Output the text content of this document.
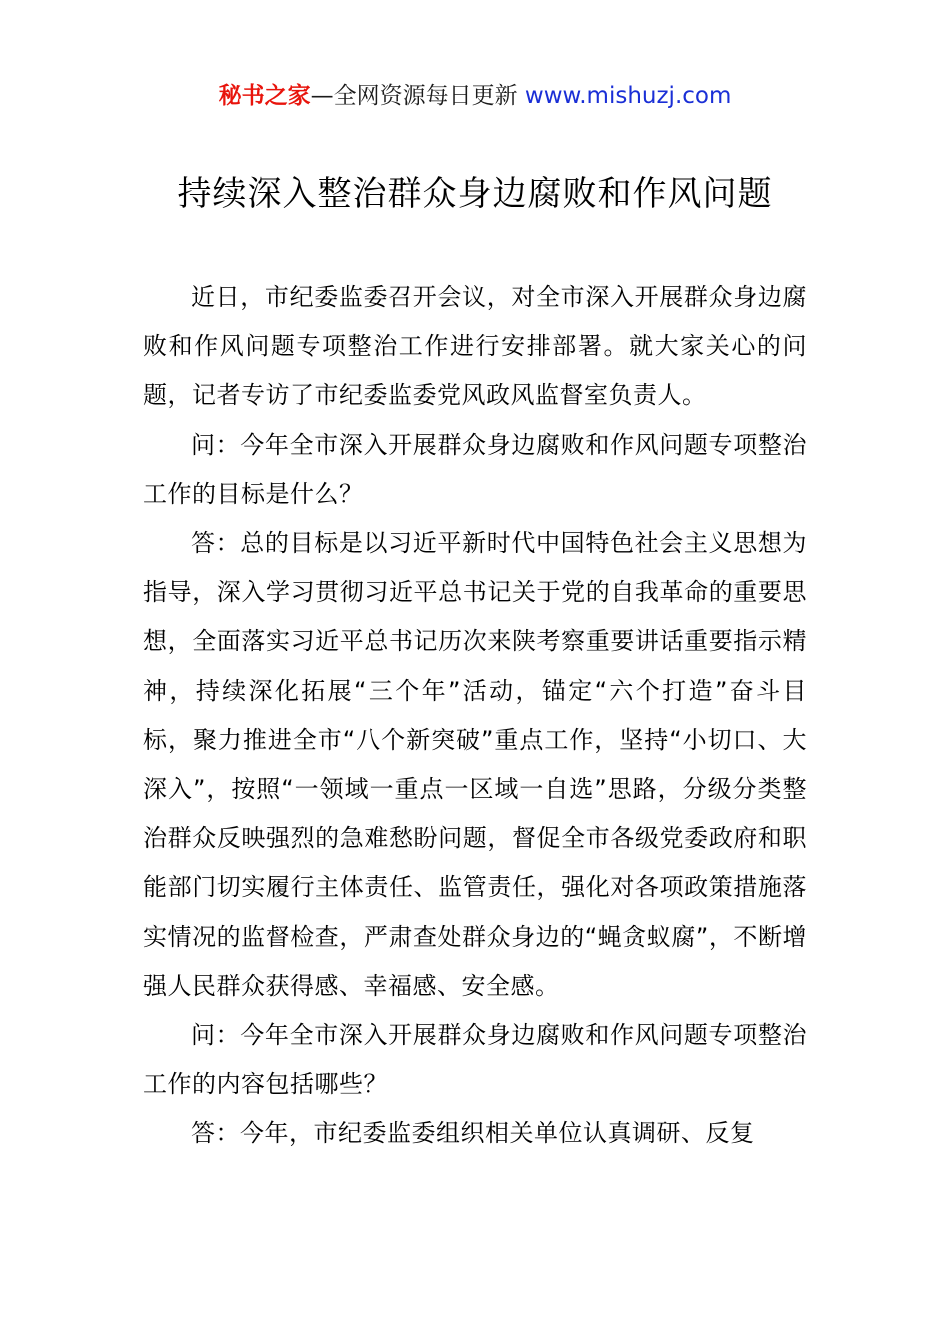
秘书之家—全网资源每日更新 www.mishuzj.com
持续深入整治群众身边腐败和作风问题

近日，市纪委监委召开会议，对全市深入开展群众身边腐败和作风问题专项整治工作进行安排部署。就大家关心的问题，记者专访了市纪委监委党风政风监督室负责人。

问：今年全市深入开展群众身边腐败和作风问题专项整治工作的目标是什么？

答：总的目标是以习近平新时代中国特色社会主义思想为指导，深入学习贯彻习近平总书记关于党的自我革命的重要思想，全面落实习近平总书记历次来陕考察重要讲话重要指示精神，持续深化拓展“三个年”活动，锚定“六个打造”奋斗目标，聚力推进全市“八个新突破”重点工作，坚持“小切口、大深入”，按照“一领域一重点一区域一自选”思路，分级分类整治群众反映强烈的急难愁盼问题，督促全市各级党委政府和职能部门切实履行主体责任、监管责任，强化对各项政策措施落实情况的监督检查，严肃查处群众身边的“蝇贪蚁腐”，不断增强人民群众获得感、幸福感、安全感。

问：今年全市深入开展群众身边腐败和作风问题专项整治工作的内容包括哪些？

答：今年，市纪委监委组织相关单位认真调研、反复
